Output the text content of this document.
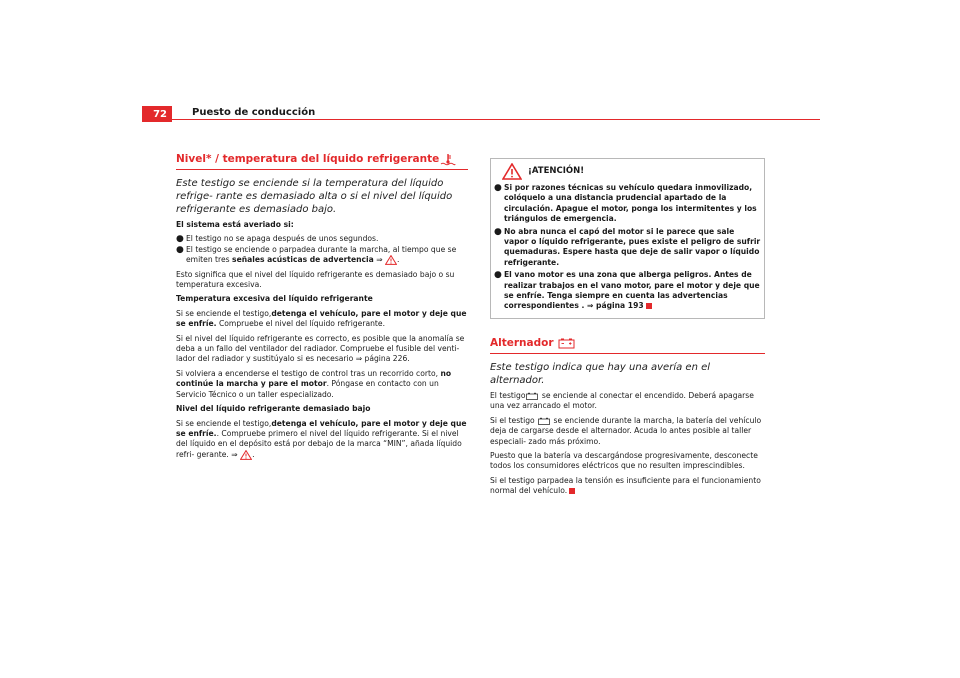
72	Puesto de conducción
Nivel* / temperatura del líquido refrigerante

Este testigo se enciende si la temperatura del líquido refrige- rante es demasiado alta o si el nivel del líquido refrigerante es demasiado bajo.

El sistema está averiado si:

● El testigo no se apaga después de unos segundos.
● El testigo se enciende o parpadea durante la marcha, al tiempo que se emiten tres señales acústicas de advertencia ⇒ .

Esto significa que el nivel del líquido refrigerante es demasiado bajo o su temperatura excesiva.

Temperatura excesiva del líquido refrigerante

Si se enciende el testigo,detenga el vehículo, pare el motor y deje que se enfríe. Compruebe el nivel del líquido refrigerante.

Si el nivel del líquido refrigerante es correcto, es posible que la anomalía se deba a un fallo del ventilador del radiador. Compruebe el fusible del venti- lador del radiador y sustitúyalo si es necesario ⇒ página 226.

Si volviera a encenderse el testigo de control tras un recorrido corto, no continúe la marcha y pare el motor. Póngase en contacto con un Servicio Técnico o un taller especializado.

Nivel del líquido refrigerante demasiado bajo

Si se enciende el testigo,detenga el vehículo, pare el motor y deje que se enfríe.. Compruebe primero el nivel del líquido refrigerante. Si el nivel del líquido en el depósito está por debajo de la marca “MIN”, añada líquido refri- gerante. ⇒ .

¡ATENCIÓN!
● Si por razones técnicas su vehículo quedara inmovilizado, colóquelo a una distancia prudencial apartado de la circulación. Apague el motor, ponga los intermitentes y los triángulos de emergencia.
● No abra nunca el capó del motor si le parece que sale vapor o líquido refrigerante, pues existe el peligro de sufrir quemaduras. Espere hasta que deje de salir vapor o líquido refrigerante.
● El vano motor es una zona que alberga peligros. Antes de realizar trabajos en el vano motor, pare el motor y deje que se enfríe. Tenga siempre en cuenta las advertencias correspondientes . ⇒ página 193
Alternador

Este testigo indica que hay una avería en el alternador.

El testigo se enciende al conectar el encendido. Deberá apagarse una vez arrancado el motor.

Si el testigo se enciende durante la marcha, la batería del vehículo deja de cargarse desde el alternador. Acuda lo antes posible al taller especiali- zado más próximo.

Puesto que la batería va descargándose progresivamente, desconecte todos los consumidores eléctricos que no resulten imprescindibles.

Si el testigo parpadea la tensión es insuficiente para el funcionamiento normal del vehículo.
